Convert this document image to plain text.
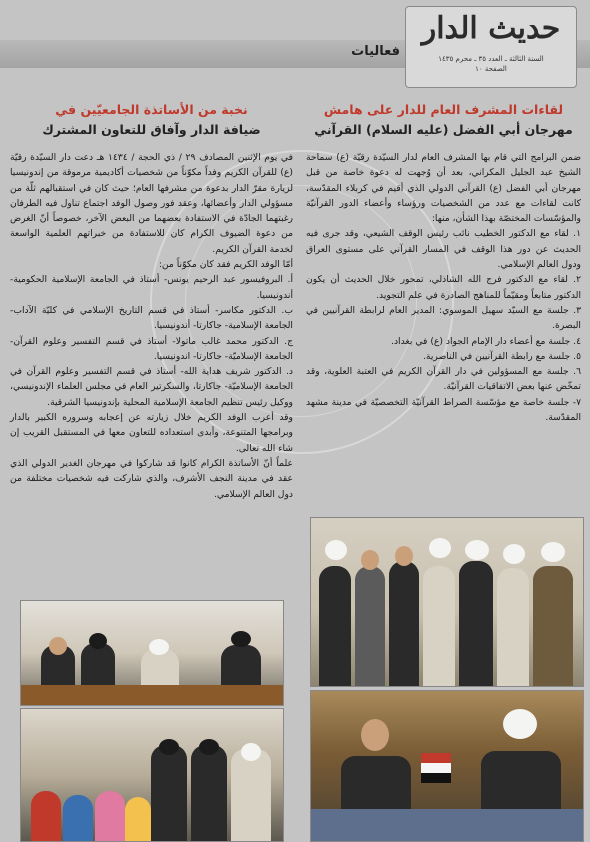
فعاليات
حديث الدار
السنة الثالثة ـ العدد ٣٥ ـ محرم ١٤٣٥
الصفحة ١٠

لقاءات المشرف العام للدار على هامش

مهرجان أبي الفضل (عليه السلام) القرآني

ضمن البرامج التي قام بها المشرف العام لدار السيّدة رقيّة (ع) سماحة الشيخ عبد الجليل المكراني، بعد أن وُجهت له دعوة خاصة من قبل مهرجان أبي الفضل (ع) القرآني الدولي الذي أقيم في كربلاء المقدّسة، كانت لقاءات مع عدد من الشخصيات ورؤساء وأعضاء الدور القرآنيّة والمؤسّسات المختصّة بهذا الشأن، منها:

١. لقاء مع الدكتور الخطيب نائب رئيس الوقف الشيعي، وقد جرى فيه الحديث عن دور هذا الوقف في المسار القرآني على مستوى العراق ودول العالم الإسلامي.

٢. لقاء مع الدكتور فرج الله الشاذلي، تمحور خلال الحديث أن يكون الدكتور متابعاً ومقيّماً للمناهج الصادرة في علم التجويد.

٣. جلسة مع السيّد سهيل الموسوي: المدير العام لرابطة القرآنيين في البصرة.

٤. جلسة مع أعضاء دار الإمام الجواد (ع) في بغداد.

٥. جلسة مع رابطة القرآنيين في الناصرية.

٦. جلسة مع المسؤولين في دار القرآن الكريم في العتبة العلوية، وقد تمخّض عنها بعض الاتفاقيات القرآنيّة.

٧- جلسة خاصة مع مؤسّسة الصراط القرآنيّة التخصصيّة في مدينة مشهد المقدّسة.

نخبة من الأساتذة الجامعيّين في

ضيافة الدار وآفاق للتعاون المشترك

في يوم الإثنين المصادف ٢٩ / ذي الحجة / ١٤٣٤ هـ دعت دار السيّدة رقيّة (ع) للقرآن الكريم وفداً مكوّناً من شخصيات أكاديمية مرموقة من إندونيسيا لزيارة مقرّ الدار بدعوة من مشرفها العام؛ حيث كان في استقبالهم ثلّة من مسؤولي الدار وأعضائها، وعقد فور وصول الوفد اجتماع تناول فيه الطرفان رغبتهما الجادّة في الاستفادة بعضهما من البعض الآخر، خصوصاً أنّ الغرض من دعوة الضيوف الكرام كان للاستفادة من خبراتهم العلمية الواسعة لخدمة القرآن الكريم.

أمّا الوفد الكريم فقد كان مكوّناً من:

أ. البروفيسور عبد الرحيم يونس- أستاذ في الجامعة الإسلامية الحكومية- أندونيسيا.

ب. الدكتور مكاسر- أستاذ في قسم التاريخ الإسلامي في كليّة الآداب- الجامعة الإسلامية- جاكارتا- أندونيسيا.

ج. الدكتور محمد غالب ماتولا- أستاذ في قسم التفسير وعلوم القرآن- الجامعة الإسلاميّة- جاكارتا- اندونيسيا.

د. الدكتور شريف هداية الله- أستاذ في قسم التفسير وعلوم القرآن في الجامعة الإسلاميّة- جاكارتا، والسكرتير العام في مجلس العلماء الإندونيسي، ووكيل رئيس تنظيم الجامعة الإسلامية المحلية بإندونيسيا الشرقية.

وقد أعرب الوفد الكريم خلال زيارته عن إعجابه وسروره الكبير بالدار وبرامجها المتنوعة، وأبدى استعداده للتعاون معها في المستقبل القريب إن شاء الله تعالى.

علماً أنّ الأساتذة الكرام كانوا قد شاركوا في مهرجان الغدير الدولي الذي عقد في مدينة النجف الأشرف، والذي شاركت فيه شخصيات مختلفة من دول العالم الإسلامي.
